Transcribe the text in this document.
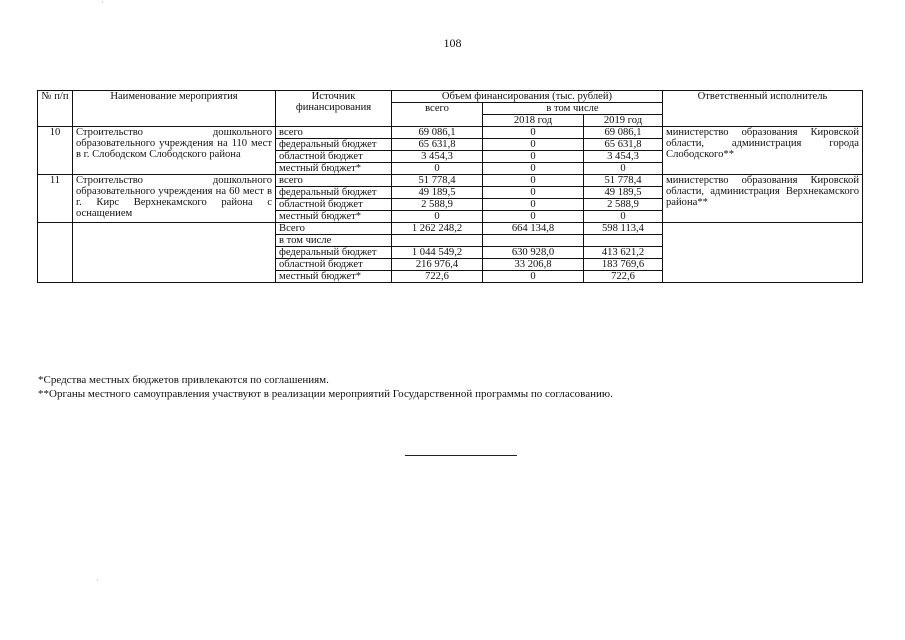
108
ˈ
ˈ
№ п/п	Наименование мероприятия	Источник финансирования	Объем финансирования (тыс. рублей)			Ответственный исполнитель
			всего	в том числе		
				2018 год	2019 год	
10	Строительство дошкольного образовательного учреждения на 110 мест в г. Слободском Слободского района	всего	69 086,1	0	69 086,1	министерство образования Кировской области, администрация города Слободского**
		федеральный бюджет	65 631,8	0	65 631,8	
		областной бюджет	3 454,3	0	3 454,3	
		местный бюджет*	0	0	0	
11	Строительство дошкольного образовательного учреждения на 60 мест в г. Кирс Верхнекамского района с оснащением	всего	51 778,4	0	51 778,4	министерство образования Кировской области, администрация Верхнекамского района**
		федеральный бюджет	49 189,5	0	49 189,5	
		областной бюджет	2 588,9	0	2 588,9	
		местный бюджет*	0	0	0	
		Всего	1 262 248,2	664 134,8	598 113,4	
		в том числе				
		федеральный бюджет	1 044 549,2	630 928,0	413 621,2	
		областной бюджет	216 976,4	33 206,8	183 769,6	
		местный бюджет*	722,6	0	722,6	
*Средства местных бюджетов привлекаются по соглашениям.
**Органы местного самоуправления участвуют в реализации мероприятий Государственной программы по согласованию.
